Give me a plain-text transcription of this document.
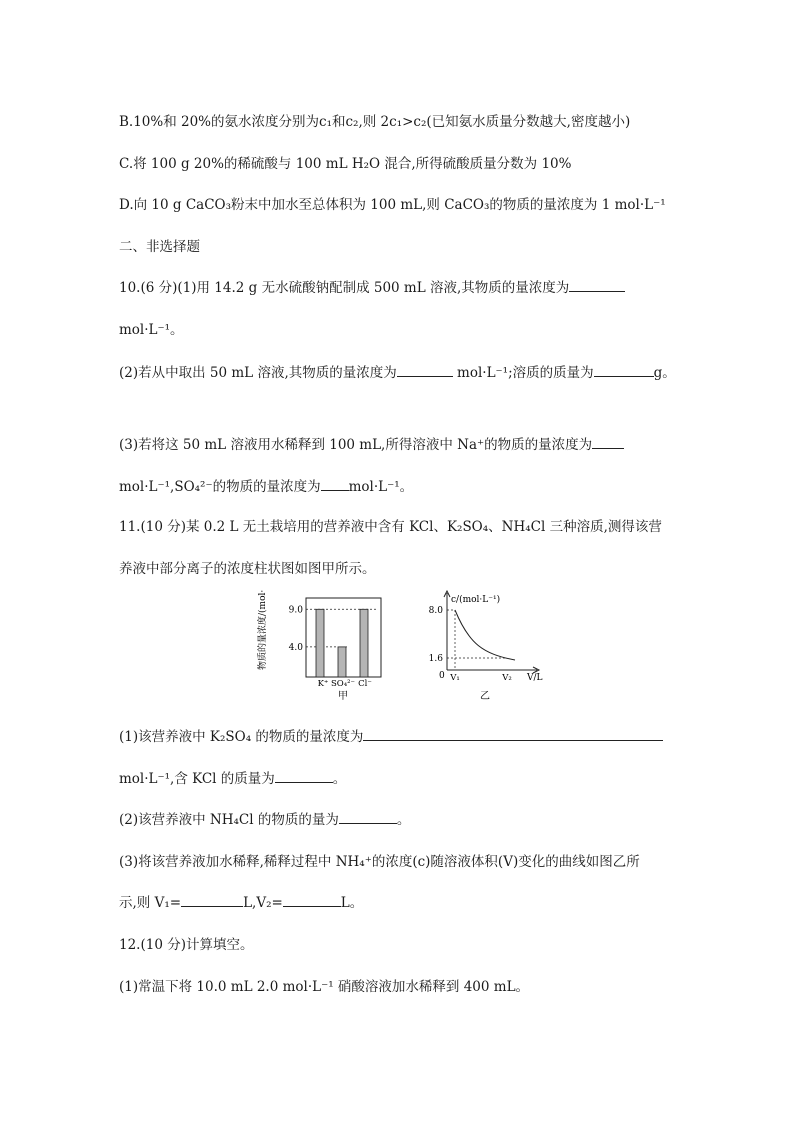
B.10%和 20%的氨水浓度分别为c₁和c₂,则 2c₁>c₂(已知氨水质量分数越大,密度越小)
C.将 100 g 20%的稀硫酸与 100 mL H₂O 混合,所得硫酸质量分数为 10%
D.向 10 g CaCO₃粉末中加水至总体积为 100 mL,则 CaCO₃的物质的量浓度为 1 mol·L⁻¹
二、非选择题
10.(6 分)(1)用 14.2 g 无水硫酸钠配制成 500 mL 溶液,其物质的量浓度为
mol·L⁻¹。
(2)若从中取出 50 mL 溶液,其物质的量浓度为	mol·L⁻¹;溶质的质量为	g。
(3)若将这 50 mL 溶液用水稀释到 100 mL,所得溶液中 Na⁺的物质的量浓度为
mol·L⁻¹,SO₄²⁻的物质的量浓度为 mol·L⁻¹。
11.(10 分)某 0.2 L 无土栽培用的营养液中含有 KCl、K₂SO₄、NH₄Cl 三种溶质,测得该营
养液中部分离子的浓度柱状图如图甲所示。
物质的量浓度/(mol·L⁻¹) 9.0
4.0
K⁺ SO₄²⁻ Cl⁻
甲
c/(mol·L⁻¹)
8.0
1.6
0 V₁	V₂ V/L
乙
(1)该营养液中 K₂SO₄ 的物质的量浓度为
mol·L⁻¹,含 KCl 的质量为	。
(2)该营养液中 NH₄Cl 的物质的量为	。
(3)将该营养液加水稀释,稀释过程中 NH₄⁺的浓度(c)随溶液体积(V)变化的曲线如图乙所
示,则 V₁=	L,V₂=	L。
12.(10 分)计算填空。
(1)常温下将 10.0 mL 2.0 mol·L⁻¹ 硝酸溶液加水稀释到 400 mL。
